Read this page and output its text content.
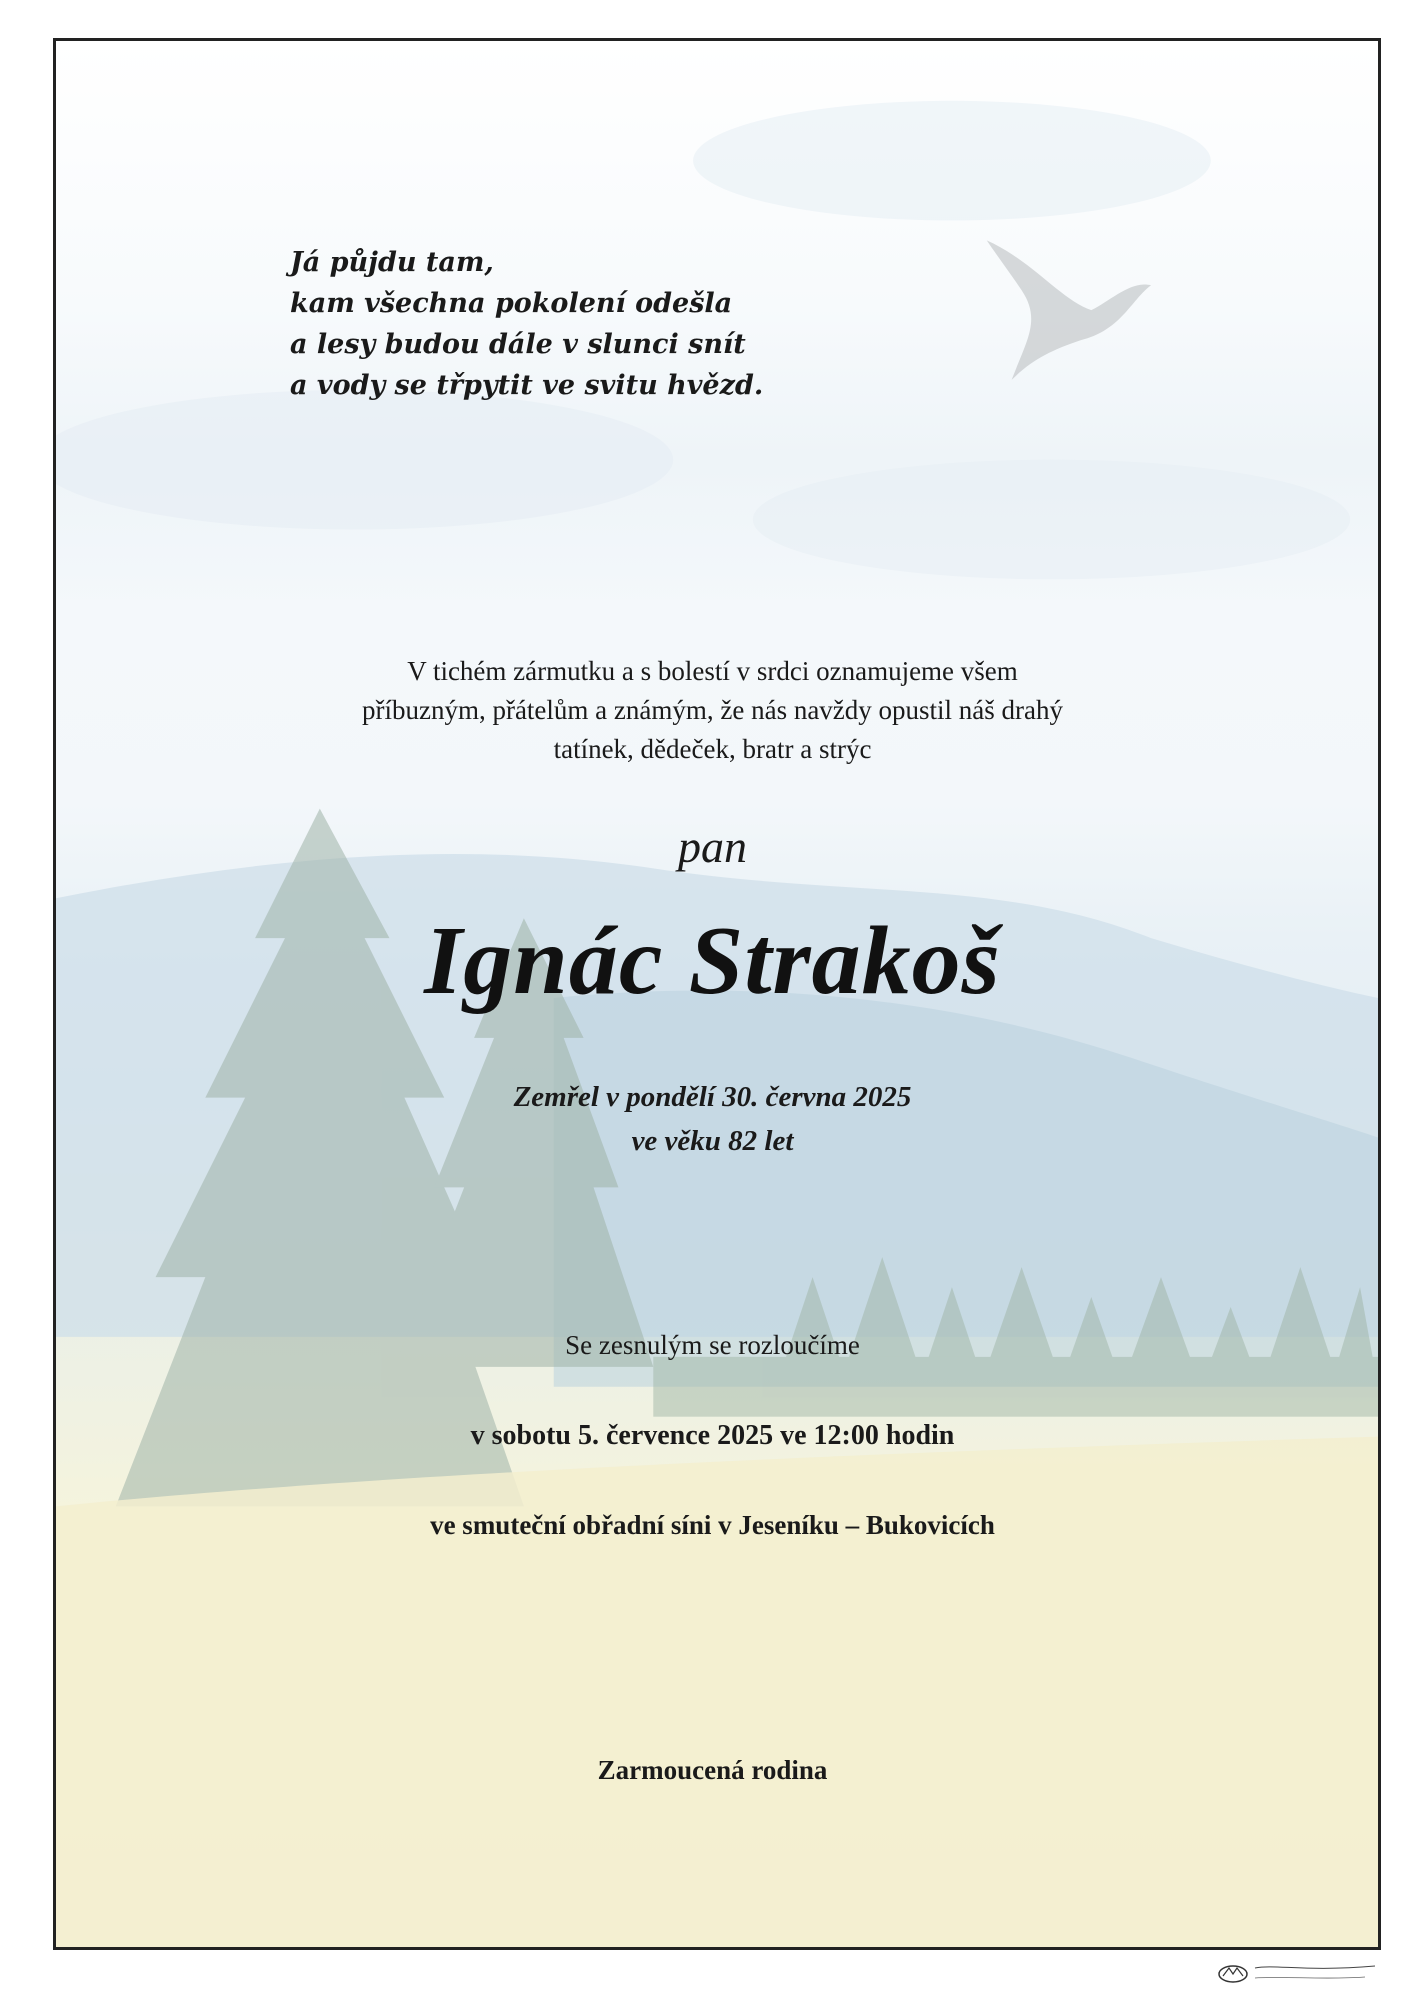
Já půjdu tam,
kam všechna pokolení odešla
a lesy budou dále v slunci snít
a vody se třpytit ve svitu hvězd.
V tichém zármutku a s bolestí v srdci oznamujeme všem
příbuzným, přátelům a známým, že nás navždy opustil náš drahý
tatínek, dědeček, bratr a strýc
pan
Ignác Strakoš
Zemřel v pondělí 30. června 2025
ve věku 82 let
Se zesnulým se rozloučíme
v sobotu 5. července 2025 ve 12:00 hodin
ve smuteční obřadní síni v Jeseníku – Bukovicích
Zarmoucená rodina
